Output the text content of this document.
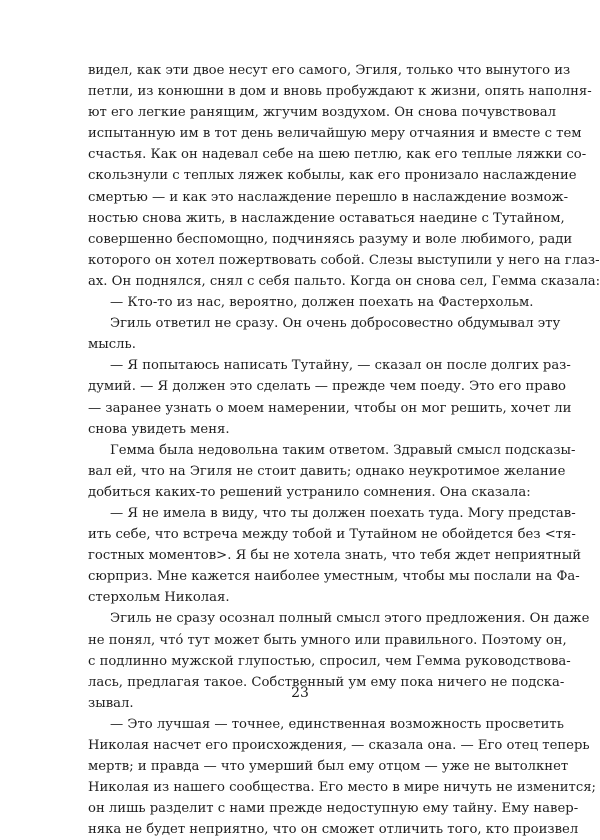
видел, как эти двое несут его самого, Эгиля, только что вынутого из
петли, из конюшни в дом и вновь пробуждают к жизни, опять наполня-
ют его легкие ранящим, жгучим воздухом. Он снова почувствовал
испытанную им в тот день величайшую меру отчаяния и вместе с тем
счастья. Как он надевал себе на шею петлю, как его теплые ляжки со-
скользнули с теплых ляжек кобылы, как его пронизало наслаждение
смертью — и как это наслаждение перешло в наслаждение возмож-
ностью снова жить, в наслаждение оставаться наедине с Тутайном,
совершенно беспомощно, подчиняясь разуму и воле любимого, ради
которого он хотел пожертвовать собой. Слезы выступили у него на глаз-
ах. Он поднялся, снял с себя пальто. Когда он снова сел, Гемма сказала:
— Кто-то из нас, вероятно, должен поехать на Фастерхольм.
Эгиль ответил не сразу. Он очень добросовестно обдумывал эту
мысль.
— Я попытаюсь написать Тутайну, — сказал он после долгих раз-
думий. — Я должен это сделать — прежде чем поеду. Это его право
— заранее узнать о моем намерении, чтобы он мог решить, хочет ли
снова увидеть меня.
Гемма была недовольна таким ответом. Здравый смысл подсказы-
вал ей, что на Эгиля не стоит давить; однако неукротимое желание
добиться каких-то решений устранило сомнения. Она сказала:
— Я не имела в виду, что ты должен поехать туда. Могу представ-
ить себе, что встреча между тобой и Тутайном не обойдется без <тя-
гостных моментов>. Я бы не хотела знать, что тебя ждет неприятный
сюрприз. Мне кажется наиболее уместным, чтобы мы послали на Фа-
стерхольм Николая.
Эгиль не сразу осознал полный смысл этого предложения. Он даже
не понял, чтó тут может быть умного или правильного. Поэтому он,
с подлинно мужской глупостью, спросил, чем Гемма руководствова-
лась, предлагая такое. Собственный ум ему пока ничего не подска-
зывал.
— Это лучшая — точнее, единственная возможность просветить
Николая насчет его происхождения, — сказала она. — Его отец теперь
мертв; и правда — что умерший был ему отцом — уже не вытолкнет
Николая из нашего сообщества. Его место в мире ничуть не изменится;
он лишь разделит с нами прежде недоступную ему тайну. Ему навер-
няка не будет неприятно, что он сможет отличить того, кто произвел
23
